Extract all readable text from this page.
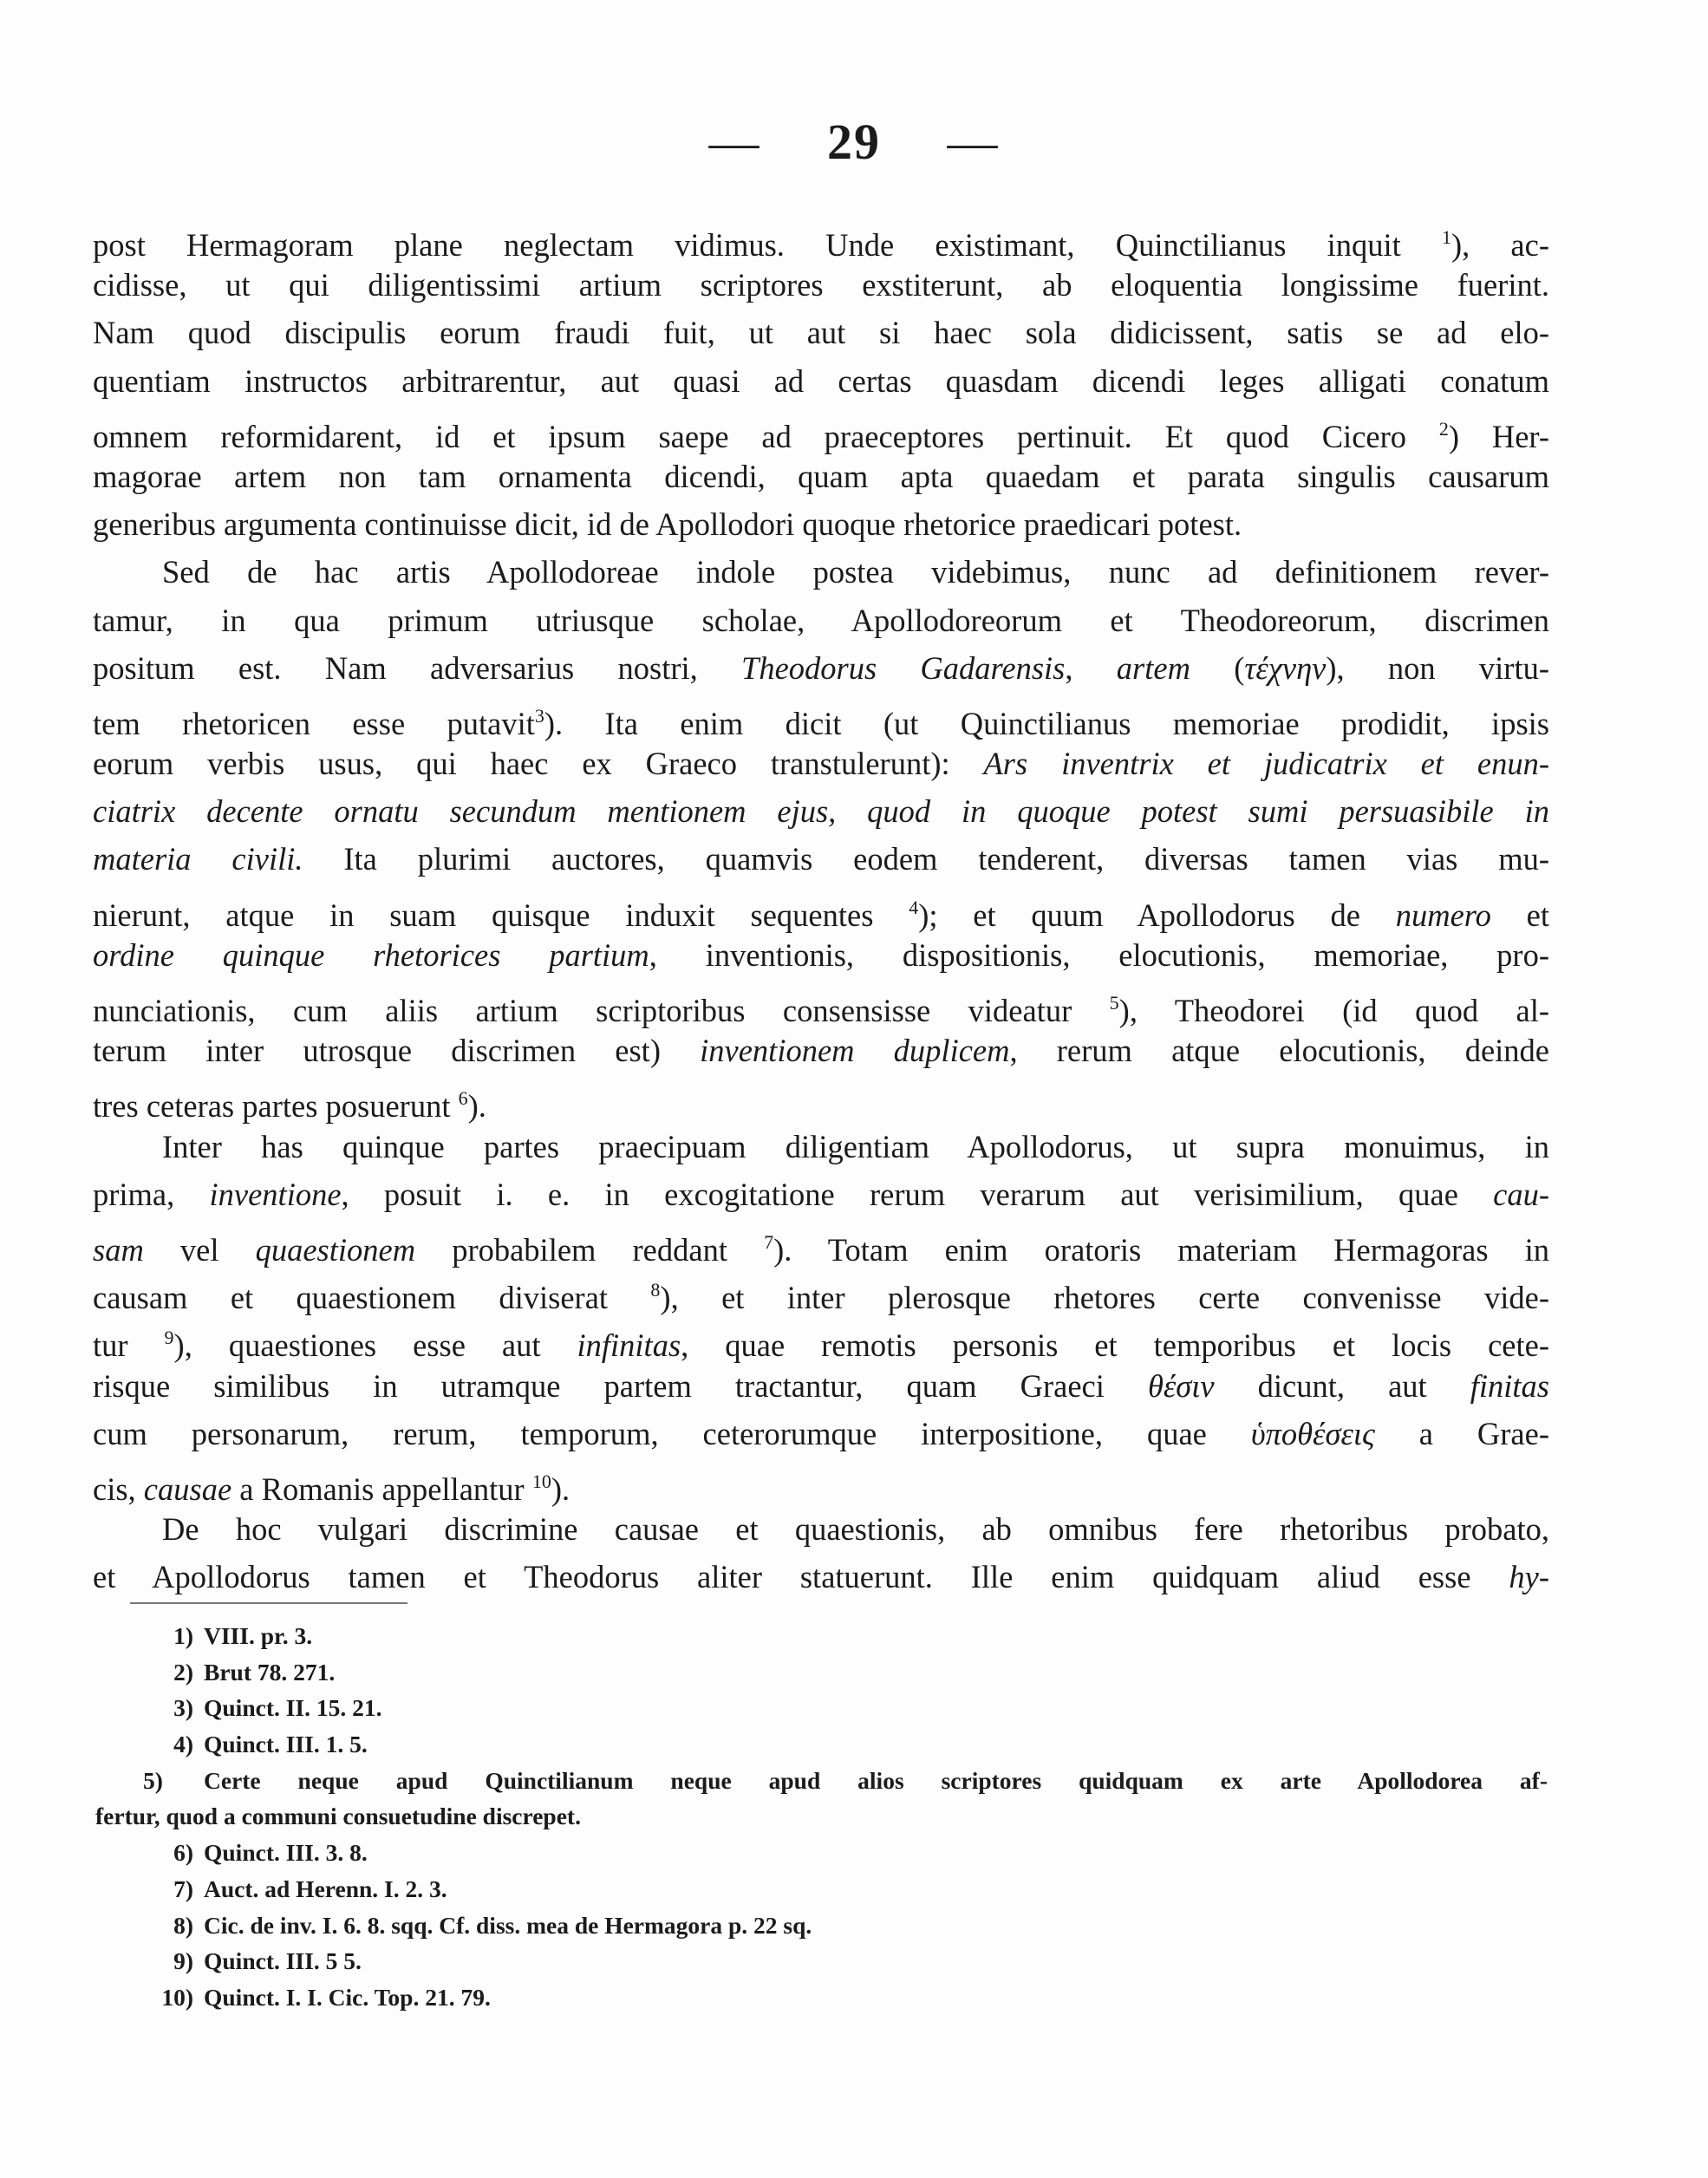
— 29 —
post Hermagoram plane neglectam vidimus. Unde existimant, Quinctilianus inquit $^1$), ac-
cidisse, ut qui diligentissimi artium scriptores exstiterunt, ab eloquentia longissime fuerint.
Nam quod discipulis eorum fraudi fuit, ut aut si haec sola didicissent, satis se ad elo-
quentiam instructos arbitrarentur, aut quasi ad certas quasdam dicendi leges alligati conatum
omnem reformidarent, id et ipsum saepe ad praeceptores pertinuit. Et quod Cicero $^2$) Her-
magorae artem non tam ornamenta dicendi, quam apta quaedam et parata singulis causarum
generibus argumenta continuisse dicit, id de Apollodori quoque rhetorice praedicari potest.
Sed de hac artis Apollodoreae indole postea videbimus, nunc ad definitionem rever-
tamur, in qua primum utriusque scholae, Apollodoreorum et Theodoreorum, discrimen
positum est. Nam adversarius nostri, Theodorus Gadarensis, artem (τέχνην), non virtu-
tem rhetoricen esse putavit$^3$). Ita enim dicit (ut Quinctilianus memoriae prodidit, ipsis
eorum verbis usus, qui haec ex Graeco transtulerunt): Ars inventrix et judicatrix et enun-
ciatrix decente ornatu secundum mentionem ejus, quod in quoque potest sumi persuasibile in
materia civili. Ita plurimi auctores, quamvis eodem tenderent, diversas tamen vias mu-
nierunt, atque in suam quisque induxit sequentes $^4$); et quum Apollodorus de numero et
ordine quinque rhetorices partium, inventionis, dispositionis, elocutionis, memoriae, pro-
nunciationis, cum aliis artium scriptoribus consensisse videatur $^5$), Theodorei (id quod al-
terum inter utrosque discrimen est) inventionem duplicem, rerum atque elocutionis, deinde
tres ceteras partes posuerunt $^6$).
Inter has quinque partes praecipuam diligentiam Apollodorus, ut supra monuimus, in
prima, inventione, posuit i. e. in excogitatione rerum verarum aut verisimilium, quae cau-
sam vel quaestionem probabilem reddant $^7$). Totam enim oratoris materiam Hermagoras in
causam et quaestionem diviserat $^8$), et inter plerosque rhetores certe convenisse vide-
tur $^9$), quaestiones esse aut infinitas, quae remotis personis et temporibus et locis cete-
risque similibus in utramque partem tractantur, quam Graeci θέσιν dicunt, aut finitas
cum personarum, rerum, temporum, ceterorumque interpositione, quae ὑποθέσεις a Grae-
cis, causae a Romanis appellantur $^{10}$).
De hoc vulgari discrimine causae et quaestionis, ab omnibus fere rhetoribus probato,
et Apollodorus tamen et Theodorus aliter statuerunt. Ille enim quidquam aliud esse hy-
1) VIII. pr. 3.
2) Brut 78. 271.
3) Quinct. II. 15. 21.
4) Quinct. III. 1. 5.
5) Certe neque apud Quinctilianum neque apud alios scriptores quidquam ex arte Apollodorea af-
fertur, quod a communi consuetudine discrepet.
6) Quinct. III. 3. 8.
7) Auct. ad Herenn. I. 2. 3.
8) Cic. de inv. I. 6. 8. sqq. Cf. diss. mea de Hermagora p. 22 sq.
9) Quinct. III. 5 5.
10) Quinct. I. I. Cic. Top. 21. 79.
